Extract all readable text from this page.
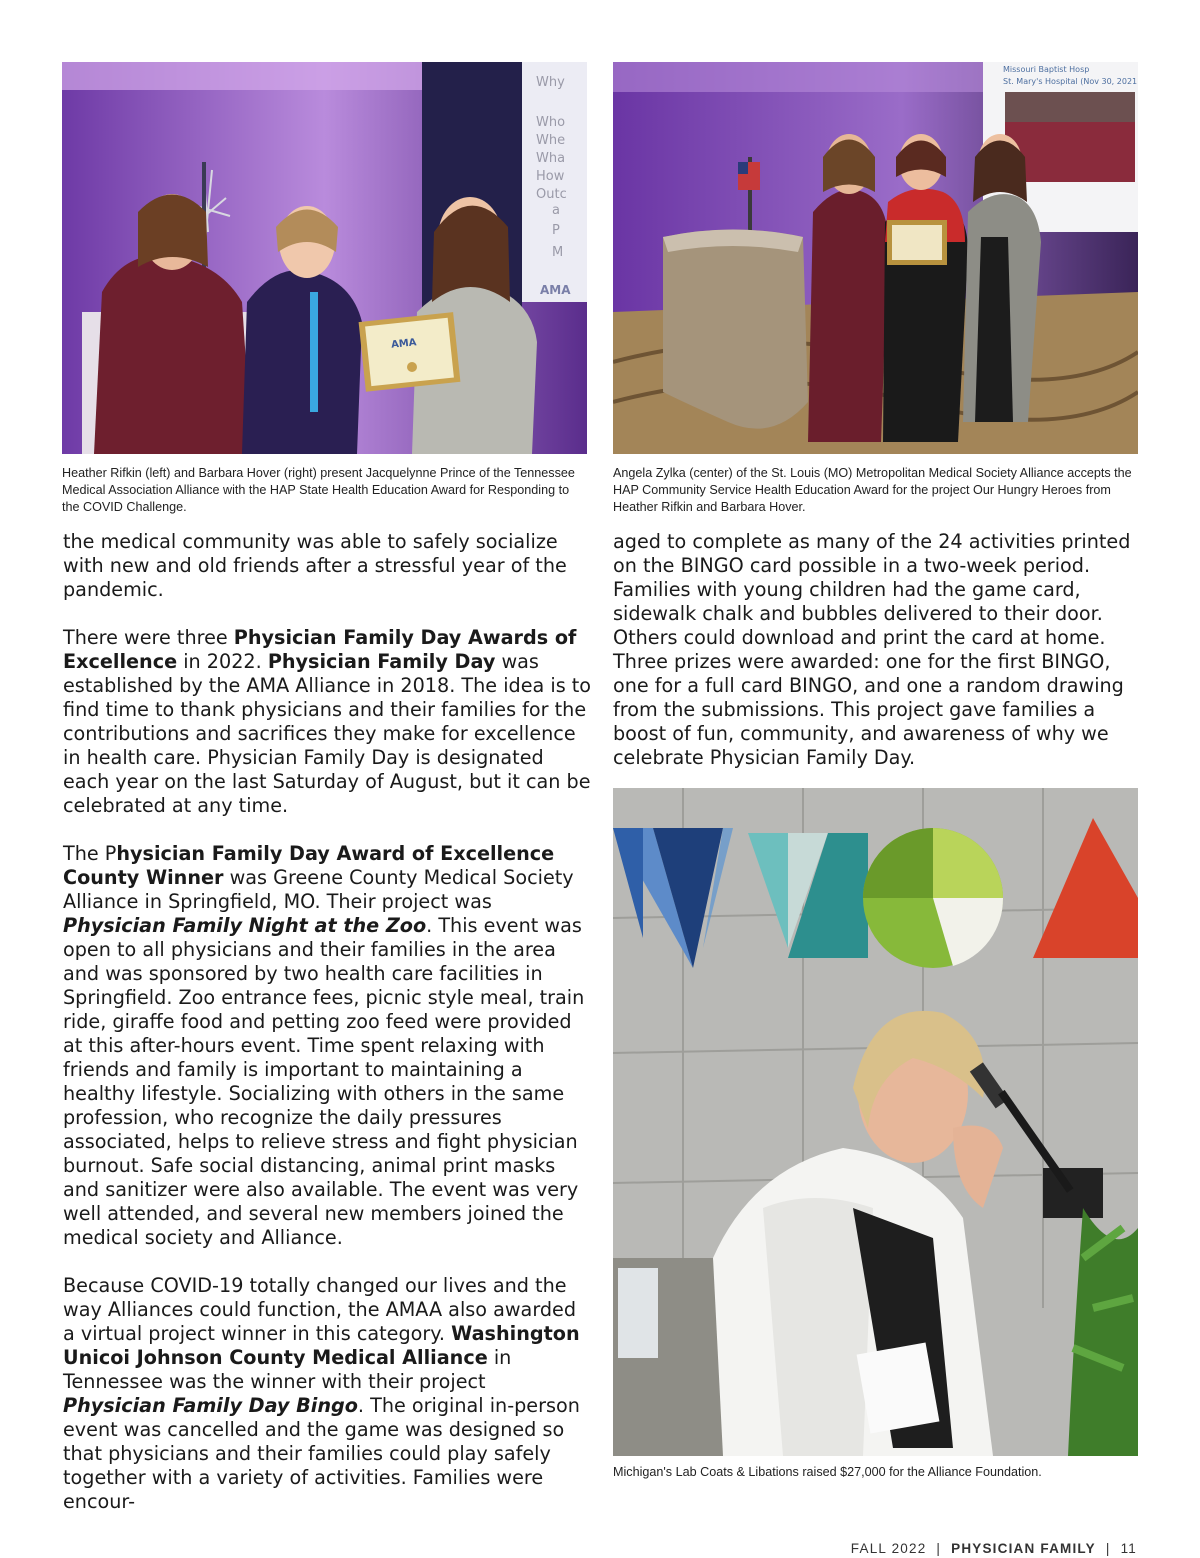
Why
Who
Whe
Wha
How
Outc
a
P
M
AMA
AMA

Heather Rifkin (left) and Barbara Hover (right) present Jacquelynne Prince of the Tennessee Medical Association Alliance with the HAP State Health Education Award for Responding to the COVID Challenge.

Missouri Baptist Hosp
St. Mary's Hospital (Nov 30, 2021

Angela Zylka (center) of the St. Louis (MO) Metropolitan Medical Society Alliance accepts the HAP Community Service Health Education Award for the project Our Hungry Heroes from Heather Rifkin and Barbara Hover.

the medical community was able to safely socialize with new and old friends after a stressful year of the pandemic.

There were three Physician Family Day Awards of Excellence in 2022. Physician Family Day was established by the AMA Alliance in 2018. The idea is to find time to thank physicians and their families for the contributions and sacrifices they make for excellence in health care. Physician Family Day is designated each year on the last Saturday of August, but it can be celebrated at any time.

The Physician Family Day Award of Excellence County Winner was Greene County Medical Society Alliance in Springfield, MO. Their project was Physician Family Night at the Zoo. This event was open to all physicians and their families in the area and was sponsored by two health care facilities in Springfield. Zoo entrance fees, picnic style meal, train ride, giraffe food and petting zoo feed were provided at this after-hours event. Time spent relaxing with friends and family is important to maintaining a healthy lifestyle. Socializing with others in the same profession, who recognize the daily pressures associated, helps to relieve stress and fight physician burnout. Safe social distancing, animal print masks and sanitizer were also available. The event was very well attended, and several new members joined the medical society and Alliance.

Because COVID-19 totally changed our lives and the way Alliances could function, the AMAA also awarded a virtual project winner in this category. Washington Unicoi Johnson County Medical Alliance in Tennessee was the winner with their project Physician Family Day Bingo. The original in-person event was cancelled and the game was designed so that physicians and their families could play safely together with a variety of activities. Families were encour-

aged to complete as many of the 24 activities printed on the BINGO card possible in a two-week period. Families with young children had the game card, sidewalk chalk and bubbles delivered to their door. Others could download and print the card at home. Three prizes were awarded: one for the first BINGO, one for a full card BINGO, and one a random drawing from the submissions. This project gave families a boost of fun, community, and awareness of why we celebrate Physician Family Day.

Michigan's Lab Coats & Libations raised $27,000 for the Alliance Foundation.

FALL 2022 | PHYSICIAN FAMILY | 11
